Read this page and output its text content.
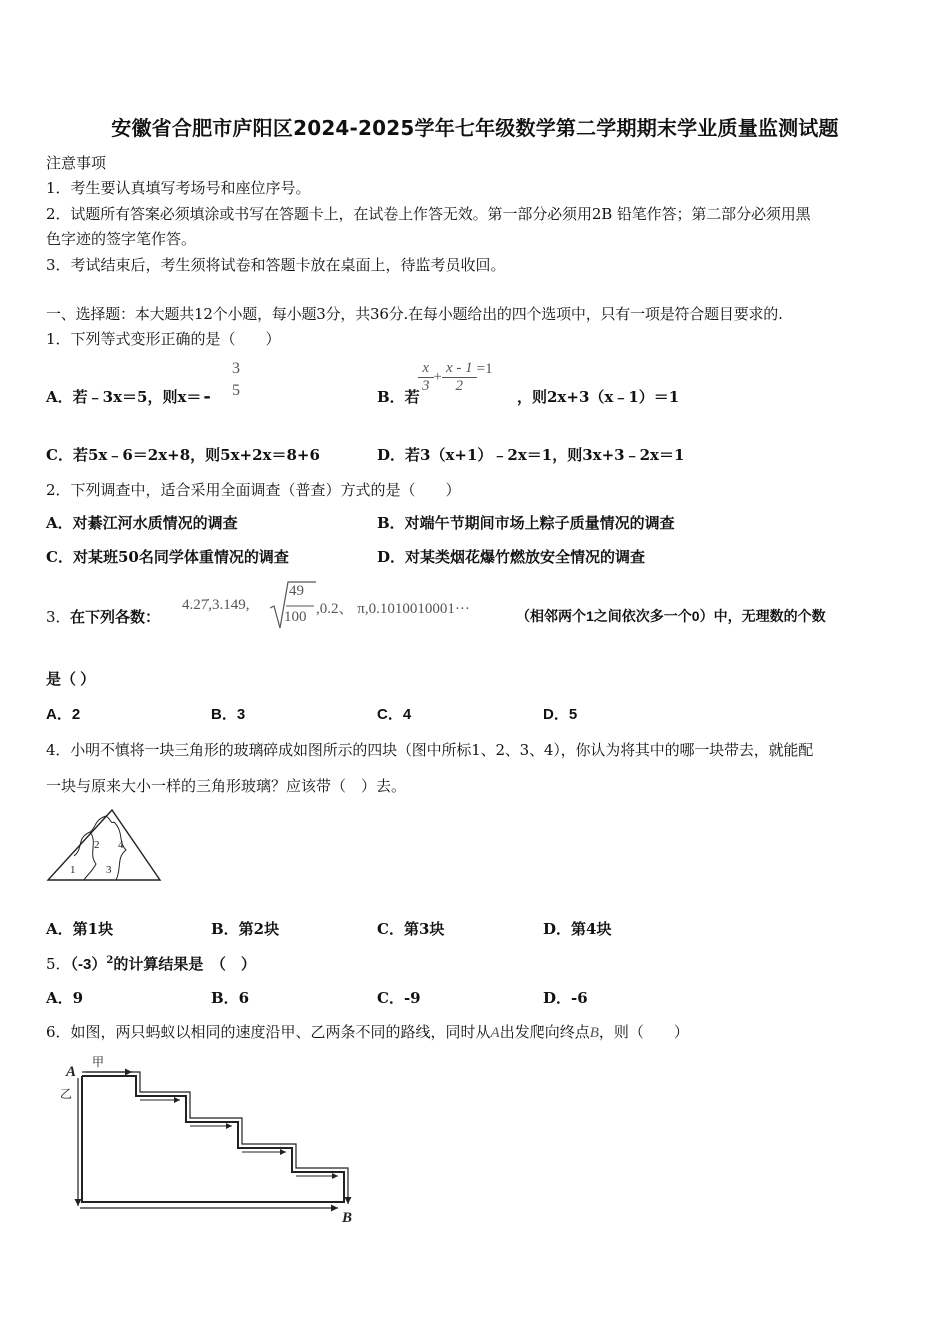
安徽省合肥市庐阳区2024-2025学年七年级数学第二学期期末学业质量监测试题
注意事项
1．考生要认真填写考场号和座位序号。
2．试题所有答案必须填涂或书写在答题卡上，在试卷上作答无效。第一部分必须用2B 铅笔作答；第二部分必须用黑
色字迹的签字笔作答。
3．考试结束后，考生须将试卷和答题卡放在桌面上，待监考员收回。
一、选择题：本大题共12个小题，每小题3分，共36分.在每小题给出的四个选项中，只有一项是符合题目要求的.
1．下列等式变形正确的是（　　）
A．若﹣3x＝5，则x＝ -
3
5	B．若
$\frac{x}{3} + \frac{x - 1}{2} =1$
，则2x+3（x﹣1）＝1
C．若5x﹣6＝2x+8，则5x+2x＝8+6	D．若3（x+1）﹣2x＝1，则3x+3﹣2x＝1
2．下列调查中，适合采用全面调查（普查）方式的是（　　）
A．对綦江河水质情况的调查	B．对端午节期间市场上粽子质量情况的调查
C．对某班50名同学体重情况的调查	D．对某类烟花爆竹燃放安全情况的调查
3． 在下列各数：
4.27̇,3.149,
49
100 ,0.2、 π,0.1010010001···	（相邻两个1之间依次多一个0）中，无理数的个数
是（ ）
A．2	B．3	C．4	D．5
4．小明不慎将一块三角形的玻璃碎成如图所示的四块（图中所标1、2、3、4），你认为将其中的哪一块带去，就能配
一块与原来大小一样的三角形玻璃？应该带（　）去。
1
2
3
4
A．第1块	B．第2块	C．第3块	D．第4块
5．$(-3)^2$的计算结果是　（　）
A．9	B．6	C．-9	D．-6
6．如图，两只蚂蚁以相同的速度沿甲、乙两条不同的路线，同时从A出发爬向终点B，则（　　）
A
甲
乙
B
